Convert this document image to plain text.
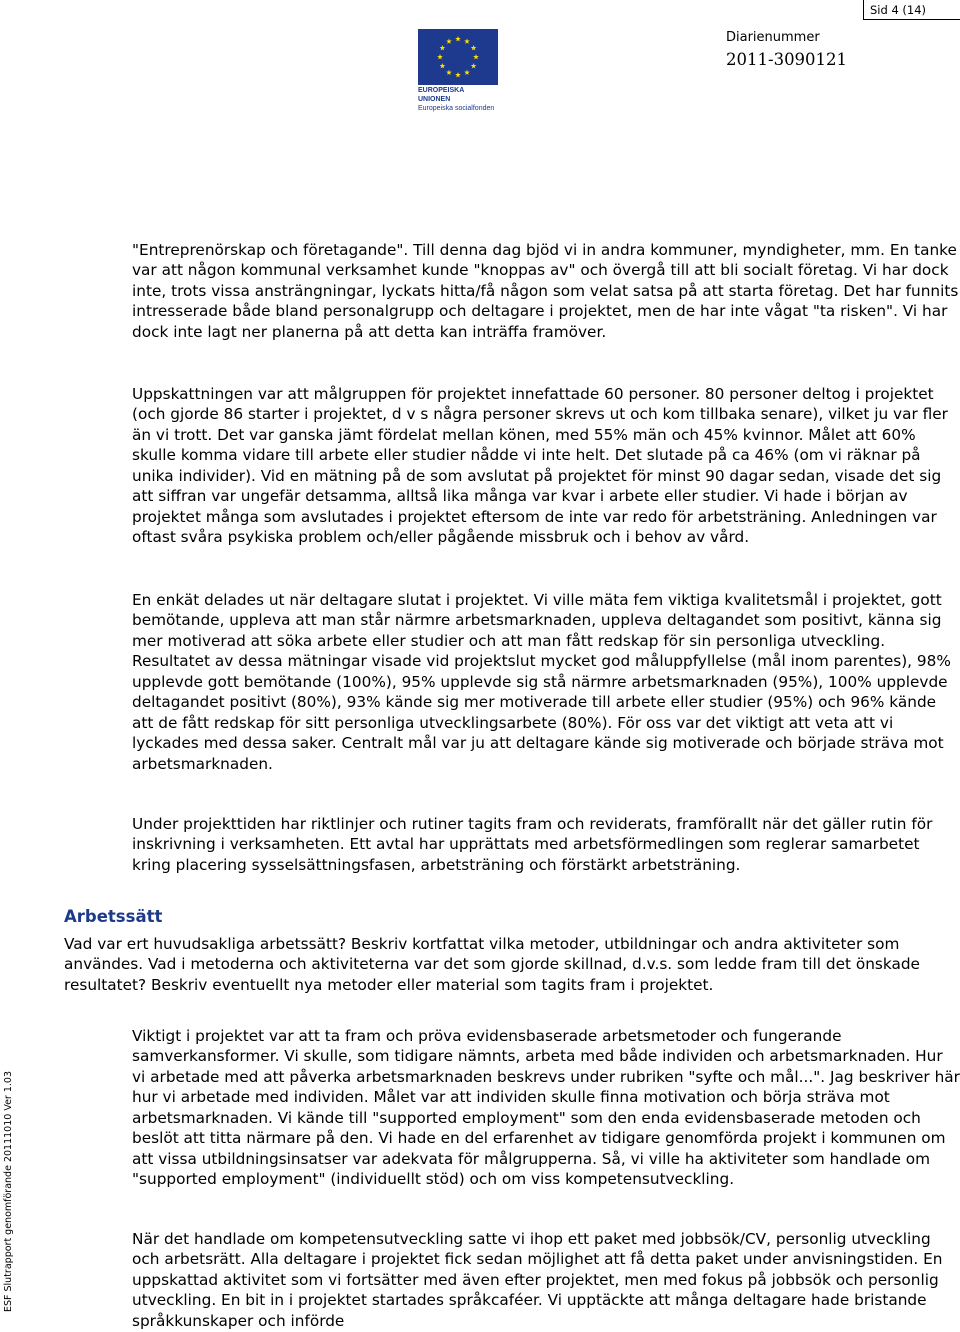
Sid 4 (14)
EUROPEISKA UNIONEN
Europeiska socialfonden
Diarienummer
2011-3090121
ESF Slutrapport genomförande 20111010 Ver 1.03

"Entreprenörskap och företagande". Till denna dag bjöd vi in andra kommuner, myndigheter, mm. En tanke var att någon kommunal verksamhet kunde "knoppas av" och övergå till att bli socialt företag. Vi har dock inte, trots vissa ansträngningar, lyckats hitta/få någon som velat satsa på att starta företag. Det har funnits intresserade både bland personalgrupp och deltagare i projektet, men de har inte vågat "ta risken". Vi har dock inte lagt ner planerna på att detta kan inträffa framöver.

Uppskattningen var att målgruppen för projektet innefattade 60 personer. 80 personer deltog i projektet (och gjorde 86 starter i projektet, d v s några personer skrevs ut och kom tillbaka senare), vilket ju var fler än vi trott. Det var ganska jämt fördelat mellan könen, med 55% män och 45% kvinnor. Målet att 60% skulle komma vidare till arbete eller studier nådde vi inte helt. Det slutade på ca 46% (om vi räknar på unika individer). Vid en mätning på de som avslutat på projektet för minst 90 dagar sedan, visade det sig att siffran var ungefär detsamma, alltså lika många var kvar i arbete eller studier. Vi hade i början av projektet många som avslutades i projektet eftersom de inte var redo för arbetsträning. Anledningen var oftast svåra psykiska problem och/eller pågående missbruk och i behov av vård.

En enkät delades ut när deltagare slutat i projektet. Vi ville mäta fem viktiga kvalitetsmål i projektet, gott bemötande, uppleva att man står närmre arbetsmarknaden, uppleva deltagandet som positivt, känna sig mer motiverad att söka arbete eller studier och att man fått redskap för sin personliga utveckling. Resultatet av dessa mätningar visade vid projektslut mycket god måluppfyllelse (mål inom parentes), 98% upplevde gott bemötande (100%), 95% upplevde sig stå närmre arbetsmarknaden (95%), 100% upplevde deltagandet positivt (80%), 93% kände sig mer motiverade till arbete eller studier (95%) och 96% kände att de fått redskap för sitt personliga utvecklingsarbete (80%). För oss var det viktigt att veta att vi lyckades med dessa saker. Centralt mål var ju att deltagare kände sig motiverade och började sträva mot arbetsmarknaden.

Under projekttiden har riktlinjer och rutiner tagits fram och reviderats, framförallt när det gäller rutin för inskrivning i verksamheten. Ett avtal har upprättats med arbetsförmedlingen som reglerar samarbetet kring placering sysselsättningsfasen, arbetsträning och förstärkt arbetsträning.

Arbetssätt

Vad var ert huvudsakliga arbetssätt? Beskriv kortfattat vilka metoder, utbildningar och andra aktiviteter som användes. Vad i metoderna och aktiviteterna var det som gjorde skillnad, d.v.s. som ledde fram till det önskade resultatet? Beskriv eventuellt nya metoder eller material som tagits fram i projektet.

Viktigt i projektet var att ta fram och pröva evidensbaserade arbetsmetoder och fungerande samverkansformer. Vi skulle, som tidigare nämnts, arbeta med både individen och arbetsmarknaden. Hur vi arbetade med att påverka arbetsmarknaden beskrevs under rubriken "syfte och mål...". Jag beskriver här hur vi arbetade med individen. Målet var att individen skulle finna motivation och börja sträva mot arbetsmarknaden. Vi kände till "supported employment" som den enda evidensbaserade metoden och beslöt att titta närmare på den. Vi hade en del erfarenhet av tidigare genomförda projekt i kommunen om att vissa utbildningsinsatser var adekvata för målgrupperna. Så, vi ville ha aktiviteter som handlade om "supported employment" (individuellt stöd) och om viss kompetensutveckling.

När det handlade om kompetensutveckling satte vi ihop ett paket med jobbsök/CV, personlig utveckling och arbetsrätt. Alla deltagare i projektet fick sedan möjlighet att få detta paket under anvisningstiden. En uppskattad aktivitet som vi fortsätter med även efter projektet, men med fokus på jobbsök och personlig utveckling. En bit in i projektet startades språkcaféer. Vi upptäckte att många deltagare hade bristande språkkunskaper och införde
